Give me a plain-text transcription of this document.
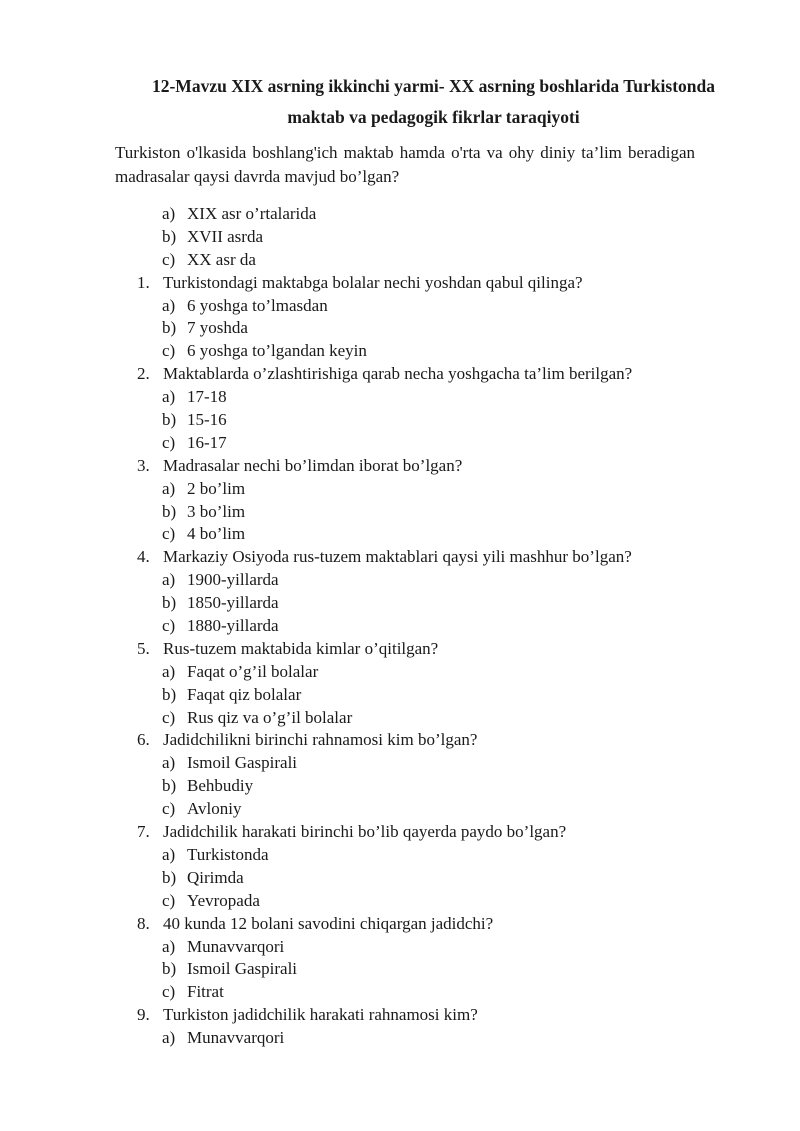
12-Mavzu XIX asrning ikkinchi yarmi- XX asrning boshlarida Turkistonda
maktab va pedagogik fikrlar taraqiyoti

Turkiston o'lkasida boshlang'ich maktab hamda o'rta va ohy diniy ta’lim beradigan madrasalar qaysi davrda mavjud bo’lgan?

a) XIX asr o’rtalarida
b) XVII asrda
c) XX asr da
1. Turkistondagi maktabga bolalar nechi yoshdan qabul qilinga?
a) 6 yoshga to’lmasdan
b) 7 yoshda
c) 6 yoshga to’lgandan keyin
2. Maktablarda o’zlashtirishiga qarab necha yoshgacha ta’lim berilgan?
a) 17-18
b) 15-16
c) 16-17
3. Madrasalar nechi bo’limdan iborat bo’lgan?
a) 2 bo’lim
b) 3 bo’lim
c) 4 bo’lim
4. Markaziy Osiyoda rus-tuzem maktablari qaysi yili mashhur bo’lgan?
a) 1900-yillarda
b) 1850-yillarda
c) 1880-yillarda
5. Rus-tuzem maktabida kimlar o’qitilgan?
a) Faqat o’g’il bolalar
b) Faqat qiz bolalar
c) Rus qiz va o’g’il bolalar
6. Jadidchilikni birinchi rahnamosi kim bo’lgan?
a) Ismoil Gaspirali
b) Behbudiy
c) Avloniy
7. Jadidchilik harakati birinchi bo’lib qayerda paydo bo’lgan?
a) Turkistonda
b) Qirimda
c) Yevropada
8. 40 kunda 12 bolani savodini chiqargan jadidchi?
a) Munavvarqori
b) Ismoil Gaspirali
c) Fitrat
9. Turkiston jadidchilik harakati rahnamosi kim?
a) Munavvarqori
